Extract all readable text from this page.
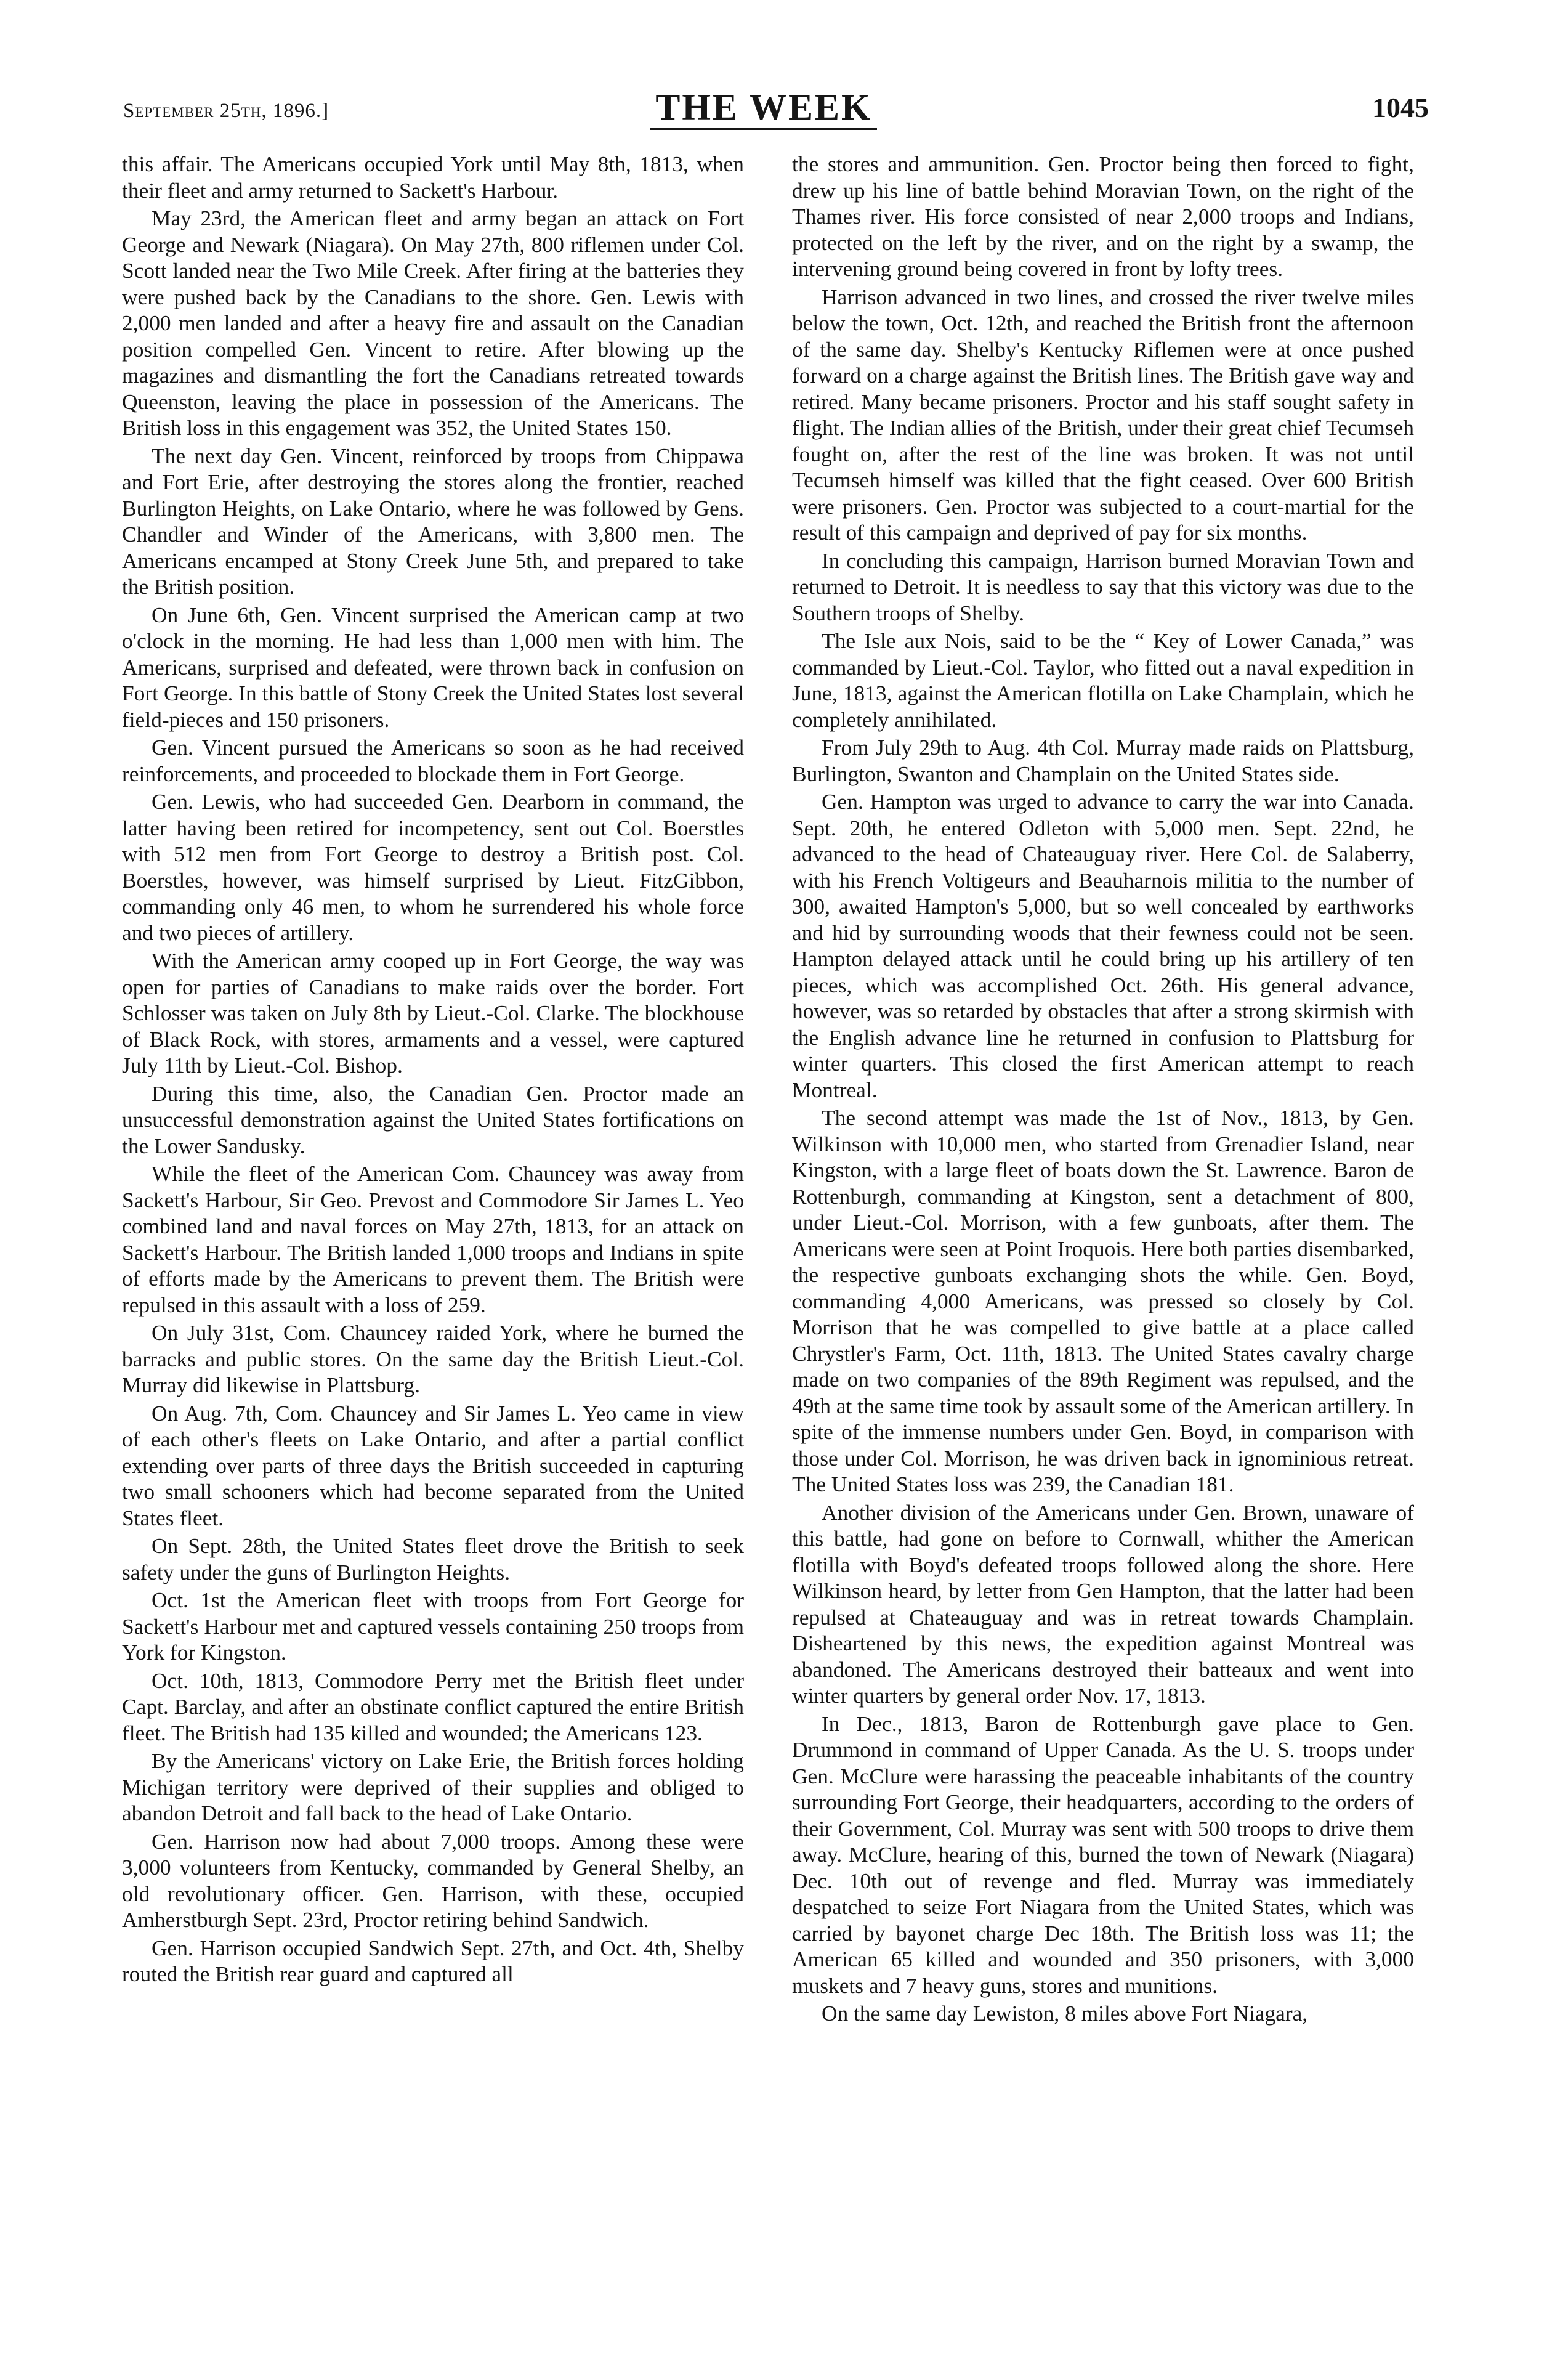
September 25th, 1896.]	THE WEEK	1045

this affair. The Americans occupied York until May 8th, 1813, when their fleet and army returned to Sackett's Harbour.

May 23rd, the American fleet and army began an attack on Fort George and Newark (Niagara). On May 27th, 800 riflemen under Col. Scott landed near the Two Mile Creek. After firing at the batteries they were pushed back by the Canadians to the shore. Gen. Lewis with 2,000 men landed and after a heavy fire and assault on the Canadian position compelled Gen. Vincent to retire. After blowing up the magazines and dismantling the fort the Canadians retreated towards Queenston, leaving the place in possession of the Americans. The British loss in this engagement was 352, the United States 150.

The next day Gen. Vincent, reinforced by troops from Chippawa and Fort Erie, after destroying the stores along the frontier, reached Burlington Heights, on Lake Ontario, where he was followed by Gens. Chandler and Winder of the Americans, with 3,800 men. The Americans encamped at Stony Creek June 5th, and prepared to take the British position.

On June 6th, Gen. Vincent surprised the American camp at two o'clock in the morning. He had less than 1,000 men with him. The Americans, surprised and defeated, were thrown back in confusion on Fort George. In this battle of Stony Creek the United States lost several field-pieces and 150 prisoners.

Gen. Vincent pursued the Americans so soon as he had received reinforcements, and proceeded to blockade them in Fort George.

Gen. Lewis, who had succeeded Gen. Dearborn in command, the latter having been retired for incompetency, sent out Col. Boerstles with 512 men from Fort George to destroy a British post. Col. Boerstles, however, was himself surprised by Lieut. FitzGibbon, commanding only 46 men, to whom he surrendered his whole force and two pieces of artillery.

With the American army cooped up in Fort George, the way was open for parties of Canadians to make raids over the border. Fort Schlosser was taken on July 8th by Lieut.-Col. Clarke. The blockhouse of Black Rock, with stores, armaments and a vessel, were captured July 11th by Lieut.-Col. Bishop.

During this time, also, the Canadian Gen. Proctor made an unsuccessful demonstration against the United States fortifications on the Lower Sandusky.

While the fleet of the American Com. Chauncey was away from Sackett's Harbour, Sir Geo. Prevost and Commodore Sir James L. Yeo combined land and naval forces on May 27th, 1813, for an attack on Sackett's Harbour. The British landed 1,000 troops and Indians in spite of efforts made by the Americans to prevent them. The British were repulsed in this assault with a loss of 259.

On July 31st, Com. Chauncey raided York, where he burned the barracks and public stores. On the same day the British Lieut.-Col. Murray did likewise in Plattsburg.

On Aug. 7th, Com. Chauncey and Sir James L. Yeo came in view of each other's fleets on Lake Ontario, and after a partial conflict extending over parts of three days the British succeeded in capturing two small schooners which had become separated from the United States fleet.

On Sept. 28th, the United States fleet drove the British to seek safety under the guns of Burlington Heights.

Oct. 1st the American fleet with troops from Fort George for Sackett's Harbour met and captured vessels containing 250 troops from York for Kingston.

Oct. 10th, 1813, Commodore Perry met the British fleet under Capt. Barclay, and after an obstinate conflict captured the entire British fleet. The British had 135 killed and wounded; the Americans 123.

By the Americans' victory on Lake Erie, the British forces holding Michigan territory were deprived of their supplies and obliged to abandon Detroit and fall back to the head of Lake Ontario.

Gen. Harrison now had about 7,000 troops. Among these were 3,000 volunteers from Kentucky, commanded by General Shelby, an old revolutionary officer. Gen. Harrison, with these, occupied Amherstburgh Sept. 23rd, Proctor retiring behind Sandwich.

Gen. Harrison occupied Sandwich Sept. 27th, and Oct. 4th, Shelby routed the British rear guard and captured all

the stores and ammunition. Gen. Proctor being then forced to fight, drew up his line of battle behind Moravian Town, on the right of the Thames river. His force consisted of near 2,000 troops and Indians, protected on the left by the river, and on the right by a swamp, the intervening ground being covered in front by lofty trees.

Harrison advanced in two lines, and crossed the river twelve miles below the town, Oct. 12th, and reached the British front the afternoon of the same day. Shelby's Kentucky Riflemen were at once pushed forward on a charge against the British lines. The British gave way and retired. Many became prisoners. Proctor and his staff sought safety in flight. The Indian allies of the British, under their great chief Tecumseh fought on, after the rest of the line was broken. It was not until Tecumseh himself was killed that the fight ceased. Over 600 British were prisoners. Gen. Proctor was subjected to a court-martial for the result of this campaign and deprived of pay for six months.

In concluding this campaign, Harrison burned Moravian Town and returned to Detroit. It is needless to say that this victory was due to the Southern troops of Shelby.

The Isle aux Nois, said to be the “ Key of Lower Canada,” was commanded by Lieut.-Col. Taylor, who fitted out a naval expedition in June, 1813, against the American flotilla on Lake Champlain, which he completely annihilated.

From July 29th to Aug. 4th Col. Murray made raids on Plattsburg, Burlington, Swanton and Champlain on the United States side.

Gen. Hampton was urged to advance to carry the war into Canada. Sept. 20th, he entered Odleton with 5,000 men. Sept. 22nd, he advanced to the head of Chateauguay river. Here Col. de Salaberry, with his French Voltigeurs and Beauharnois militia to the number of 300, awaited Hampton's 5,000, but so well concealed by earthworks and hid by surrounding woods that their fewness could not be seen. Hampton delayed attack until he could bring up his artillery of ten pieces, which was accomplished Oct. 26th. His general advance, however, was so retarded by obstacles that after a strong skirmish with the English advance line he returned in confusion to Plattsburg for winter quarters. This closed the first American attempt to reach Montreal.

The second attempt was made the 1st of Nov., 1813, by Gen. Wilkinson with 10,000 men, who started from Grenadier Island, near Kingston, with a large fleet of boats down the St. Lawrence. Baron de Rottenburgh, commanding at Kingston, sent a detachment of 800, under Lieut.-Col. Morrison, with a few gunboats, after them. The Americans were seen at Point Iroquois. Here both parties disembarked, the respective gunboats exchanging shots the while. Gen. Boyd, commanding 4,000 Americans, was pressed so closely by Col. Morrison that he was compelled to give battle at a place called Chrystler's Farm, Oct. 11th, 1813. The United States cavalry charge made on two companies of the 89th Regiment was repulsed, and the 49th at the same time took by assault some of the American artillery. In spite of the immense numbers under Gen. Boyd, in comparison with those under Col. Morrison, he was driven back in ignominious retreat. The United States loss was 239, the Canadian 181.

Another division of the Americans under Gen. Brown, unaware of this battle, had gone on before to Cornwall, whither the American flotilla with Boyd's defeated troops followed along the shore. Here Wilkinson heard, by letter from Gen Hampton, that the latter had been repulsed at Chateauguay and was in retreat towards Champlain. Disheartened by this news, the expedition against Montreal was abandoned. The Americans destroyed their batteaux and went into winter quarters by general order Nov. 17, 1813.

In Dec., 1813, Baron de Rottenburgh gave place to Gen. Drummond in command of Upper Canada. As the U. S. troops under Gen. McClure were harassing the peaceable inhabitants of the country surrounding Fort George, their headquarters, according to the orders of their Government, Col. Murray was sent with 500 troops to drive them away. McClure, hearing of this, burned the town of Newark (Niagara) Dec. 10th out of revenge and fled. Murray was immediately despatched to seize Fort Niagara from the United States, which was carried by bayonet charge Dec 18th. The British loss was 11; the American 65 killed and wounded and 350 prisoners, with 3,000 muskets and 7 heavy guns, stores and munitions.

On the same day Lewiston, 8 miles above Fort Niagara,
